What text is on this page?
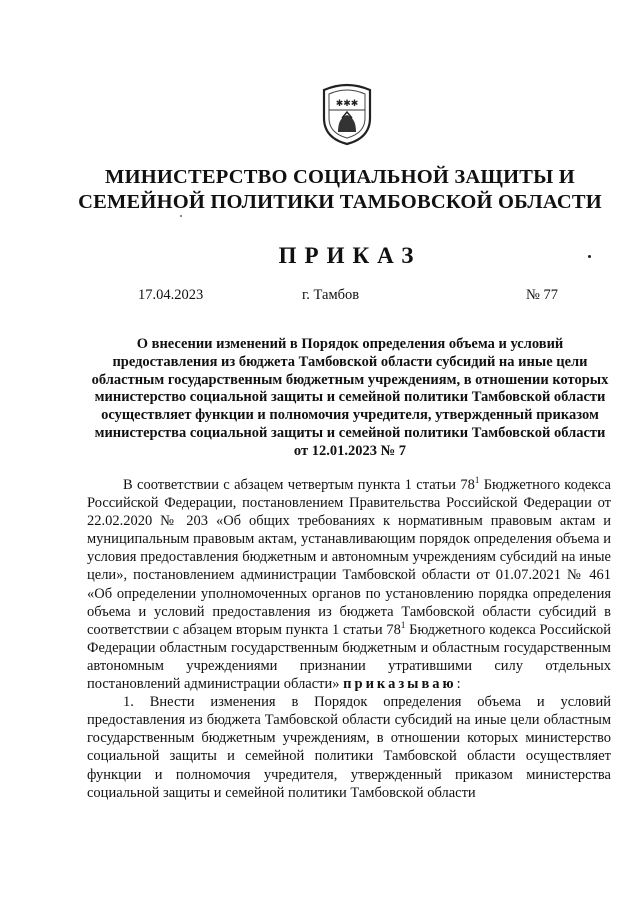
✱✱✱
МИНИСТЕРСТВО СОЦИАЛЬНОЙ ЗАЩИТЫ И
СЕМЕЙНОЙ ПОЛИТИКИ ТАМБОВСКОЙ ОБЛАСТИ
ПРИКАЗ
17.04.2023	г. Тамбов	№ 77
О внесении изменений в Порядок определения объема и условий предоставления из бюджета Тамбовской области субсидий на иные цели областным государственным бюджетным учреждениям, в отношении которых министерство социальной защиты и семейной политики Тамбовской области осуществляет функции и полномочия учредителя, утвержденный приказом министерства социальной защиты и семейной политики Тамбовской области от 12.01.2023 № 7

В соответствии с абзацем четвертым пункта 1 статьи $78^1$ Бюджетного кодекса Российской Федерации, постановлением Правительства Российской Федерации от 22.02.2020 № 203 «Об общих требованиях к нормативным правовым актам и муниципальным правовым актам, устанавливающим порядок определения объема и условия предоставления бюджетным и автономным учреждениям субсидий на иные цели», постановлением администрации Тамбовской области от 01.07.2021 № 461 «Об определении уполномоченных органов по установлению порядка определения объема и условий предоставления из бюджета Тамбовской области субсидий в соответствии с абзацем вторым пункта 1 статьи $78^1$ Бюджетного кодекса Российской Федерации областным государственным бюджетным и областным государственным автономным учреждениями признании утратившими силу отдельных постановлений администрации области» приказываю:

1. Внести изменения в Порядок определения объема и условий предоставления из бюджета Тамбовской области субсидий на иные цели областным государственным бюджетным учреждениям, в отношении которых министерство социальной защиты и семейной политики Тамбовской области осуществляет функции и полномочия учредителя, утвержденный приказом министерства социальной защиты и семейной политики Тамбовской области
